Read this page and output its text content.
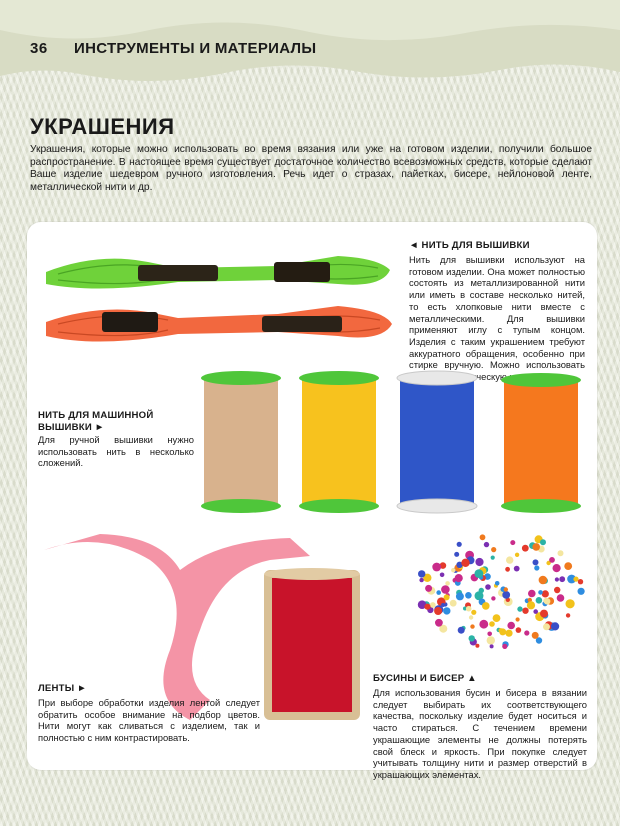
36 ИНСТРУМЕНТЫ И МАТЕРИАЛЫ
УКРАШЕНИЯ

Украшения, которые можно использовать во время вязания или уже на готовом изделии, получили большое распространение. В настоящее время существует достаточное количество всевозможных средств, которые сделают Ваше изделие шедевром ручного изготовления. Речь идет о стразах, пайетках, бисере, нейлоновой ленте, металлической нити и др.

◄ НИТЬ ДЛЯ ВЫШИВКИ

Нить для вышивки используют на готовом изделии. Она может полностью состоять из металлизированной нити или иметь в составе несколько нитей, то есть хлопковые нити вместе с металлическими. Для вышивки применяют иглу с тупым концом. Изделия с таким украшением требуют аккуратного обращения, особенно при стирке вручную. Можно использовать химическую

НИТЬ ДЛЯ МАШИННОЙ ВЫШИВКИ ►

Для ручной вышивки нужно использовать нить в несколько сложений.

ЛЕНТЫ ►

При выборе обработки изделия лентой следует обратить особое внимание на подбор цветов. Нити могут как сливаться с изделием, так и полностью с ним контрастировать.

БУСИНЫ И БИСЕР ▲

Для использования бусин и бисера в вязании следует выбирать их соответствующего качества, поскольку изделие будет носиться и часто стираться. С течением времени украшающие элементы не должны потерять свой блеск и яркость. При покупке следует учитывать толщину нити и размер отверстий в украшающих элементах.
